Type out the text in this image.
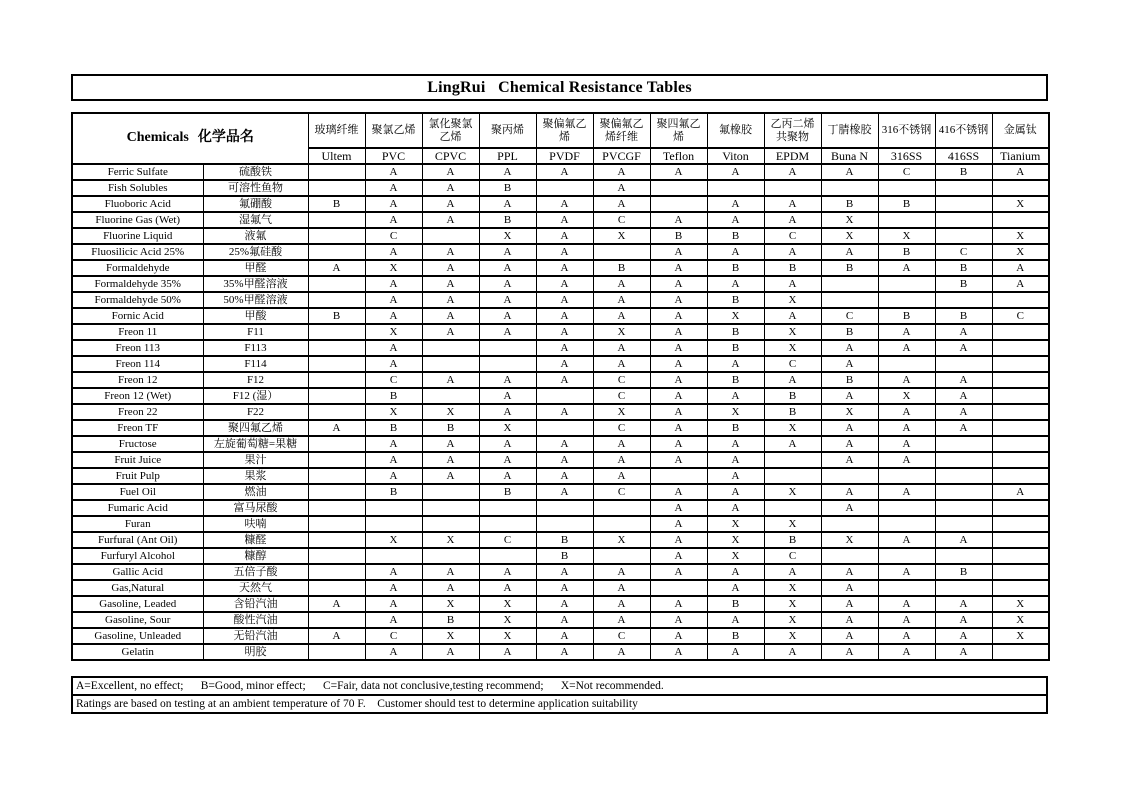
LingRui   Chemical Resistance Tables
Chemicals 化学品名		玻璃纤维	聚氯乙烯	氯化聚氯乙烯	聚丙烯	聚偏氟乙烯	聚偏氟乙烯纤维	聚四氟乙烯	氟橡胶	乙丙二烯共聚物	丁腈橡胶	316不锈钢	416不锈钢	金属钛
		Ultem	PVC	CPVC	PPL	PVDF	PVCGF	Teflon	Viton	EPDM	Buna N	316SS	416SS	Tianium
Ferric Sulfate	硫酸铁		A	A	A	A	A	A	A	A	A	C	B	A
Fish Solubles	可溶性鱼物		A	A	B		A							
Fluoboric Acid	氟硼酸	B	A	A	A	A	A		A	A	B	B		X
Fluorine Gas (Wet)	湿氟气		A	A	B	A	C	A	A	A	X			
Fluorine Liquid	液氟		C		X	A	X	B	B	C	X	X		X
Fluosilicic Acid 25%	25%氟硅酸		A	A	A	A		A	A	A	A	B	C	X
Formaldehyde	甲醛	A	X	A	A	A	B	A	B	B	B	A	B	A
Formaldehyde 35%	35%甲醛溶液		A	A	A	A	A	A	A	A			B	A
Formaldehyde 50%	50%甲醛溶液		A	A	A	A	A	A	B	X				
Fornic Acid	甲酸	B	A	A	A	A	A	A	X	A	C	B	B	C
Freon 11	F11		X	A	A	A	X	A	B	X	B	A	A	
Freon 113	F113		A			A	A	A	B	X	A	A	A	
Freon 114	F114		A			A	A	A	A	C	A			
Freon 12	F12		C	A	A	A	C	A	B	A	B	A	A	
Freon 12 (Wet)	F12 (湿）		B		A		C	A	A	B	A	X	A	
Freon 22	F22		X	X	A	A	X	A	X	B	X	A	A	
Freon TF	聚四氟乙烯	A	B	B	X		C	A	B	X	A	A	A	
Fructose	左旋葡萄糖=果糖		A	A	A	A	A	A	A	A	A	A		
Fruit Juice	果汁		A	A	A	A	A	A	A		A	A		
Fruit Pulp	果浆		A	A	A	A	A		A					
Fuel Oil	燃油		B		B	A	C	A	A	X	A	A		A
Fumaric Acid	富马尿酸							A	A		A			
Furan	呋喃							A	X	X				
Furfural (Ant Oil)	糠醛		X	X	C	B	X	A	X	B	X	A	A	
Furfuryl Alcohol	糠醇					B		A	X	C				
Gallic Acid	五倍子酸		A	A	A	A	A	A	A	A	A	A	B	
Gas,Natural	天然气		A	A	A	A	A		A	X	A			
Gasoline, Leaded	含铅汽油	A	A	X	X	A	A	A	B	X	A	A	A	X
Gasoline, Sour	酸性汽油		A	B	X	A	A	A	A	X	A	A	A	X
Gasoline, Unleaded	无铅汽油	A	C	X	X	A	C	A	B	X	A	A	A	X
Gelatin	明胶		A	A	A	A	A	A	A	A	A	A	A	
A=Excellent, no effect;      B=Good, minor effect;      C=Fair, data not conclusive,testing recommend;      X=Not recommended.
Ratings are based on testing at an ambient temperature of 70 F.    Customer should test to determine application suitability
